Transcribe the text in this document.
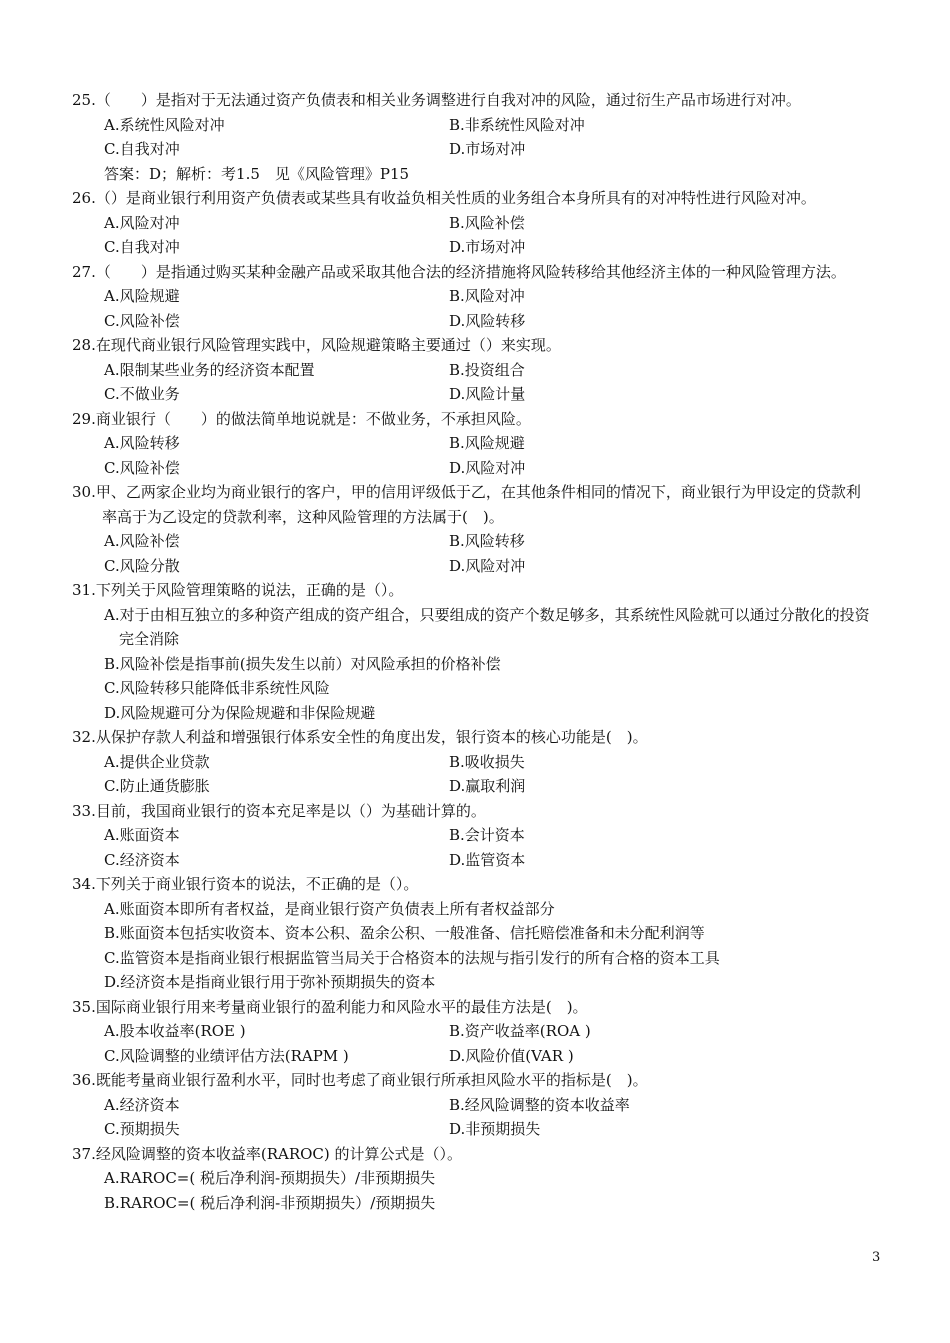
25.（　　）是指对于无法通过资产负债表和相关业务调整进行自我对冲的风险，通过衍生产品市场进行对冲。
A.系统性风险对冲	B.非系统性风险对冲
C.自我对冲	D.市场对冲
答案：D；解析：考1.5　见《风险管理》P15
26.（）是商业银行利用资产负债表或某些具有收益负相关性质的业务组合本身所具有的对冲特性进行风险对冲。
A.风险对冲	B.风险补偿
C.自我对冲	D.市场对冲
27.（　　）是指通过购买某种金融产品或采取其他合法的经济措施将风险转移给其他经济主体的一种风险管理方法。
A.风险规避	B.风险对冲
C.风险补偿	D.风险转移
28.在现代商业银行风险管理实践中，风险规避策略主要通过（）来实现。
A.限制某些业务的经济资本配置	B.投资组合
C.不做业务	D.风险计量
29.商业银行（　　）的做法简单地说就是：不做业务，不承担风险。
A.风险转移	B.风险规避
C.风险补偿	D.风险对冲
30.甲、乙两家企业均为商业银行的客户，甲的信用评级低于乙，在其他条件相同的情况下，商业银行为甲设定的贷款利
率高于为乙设定的贷款利率，这种风险管理的方法属于(　)。
A.风险补偿	B.风险转移
C.风险分散	D.风险对冲
31.下列关于风险管理策略的说法，正确的是（）。
A.对于由相互独立的多种资产组成的资产组合，只要组成的资产个数足够多，其系统性风险就可以通过分散化的投资
　完全消除
B.风险补偿是指事前(损失发生以前）对风险承担的价格补偿
C.风险转移只能降低非系统性风险
D.风险规避可分为保险规避和非保险规避
32.从保护存款人利益和增强银行体系安全性的角度出发，银行资本的核心功能是(　)。
A.提供企业贷款	B.吸收损失
C.防止通货膨胀	D.赢取利润
33.目前，我国商业银行的资本充足率是以（）为基础计算的。
A.账面资本	B.会计资本
C.经济资本	D.监管资本
34.下列关于商业银行资本的说法，不正确的是（）。
A.账面资本即所有者权益，是商业银行资产负债表上所有者权益部分
B.账面资本包括实收资本、资本公积、盈余公积、一般准备、信托赔偿准备和未分配利润等
C.监管资本是指商业银行根据监管当局关于合格资本的法规与指引发行的所有合格的资本工具
D.经济资本是指商业银行用于弥补预期损失的资本
35.国际商业银行用来考量商业银行的盈利能力和风险水平的最佳方法是(　)。
A.股本收益率(ROE )	B.资产收益率(ROA )
C.风险调整的业绩评估方法(RAPM )	D.风险价值(VAR )
36.既能考量商业银行盈利水平，同时也考虑了商业银行所承担风险水平的指标是(　)。
A.经济资本	B.经风险调整的资本收益率
C.预期损失	D.非预期损失
37.经风险调整的资本收益率(RAROC) 的计算公式是（）。
A.RAROC=( 税后净利润-预期损失）/非预期损失
B.RAROC=( 税后净利润-非预期损失）/预期损失
3
